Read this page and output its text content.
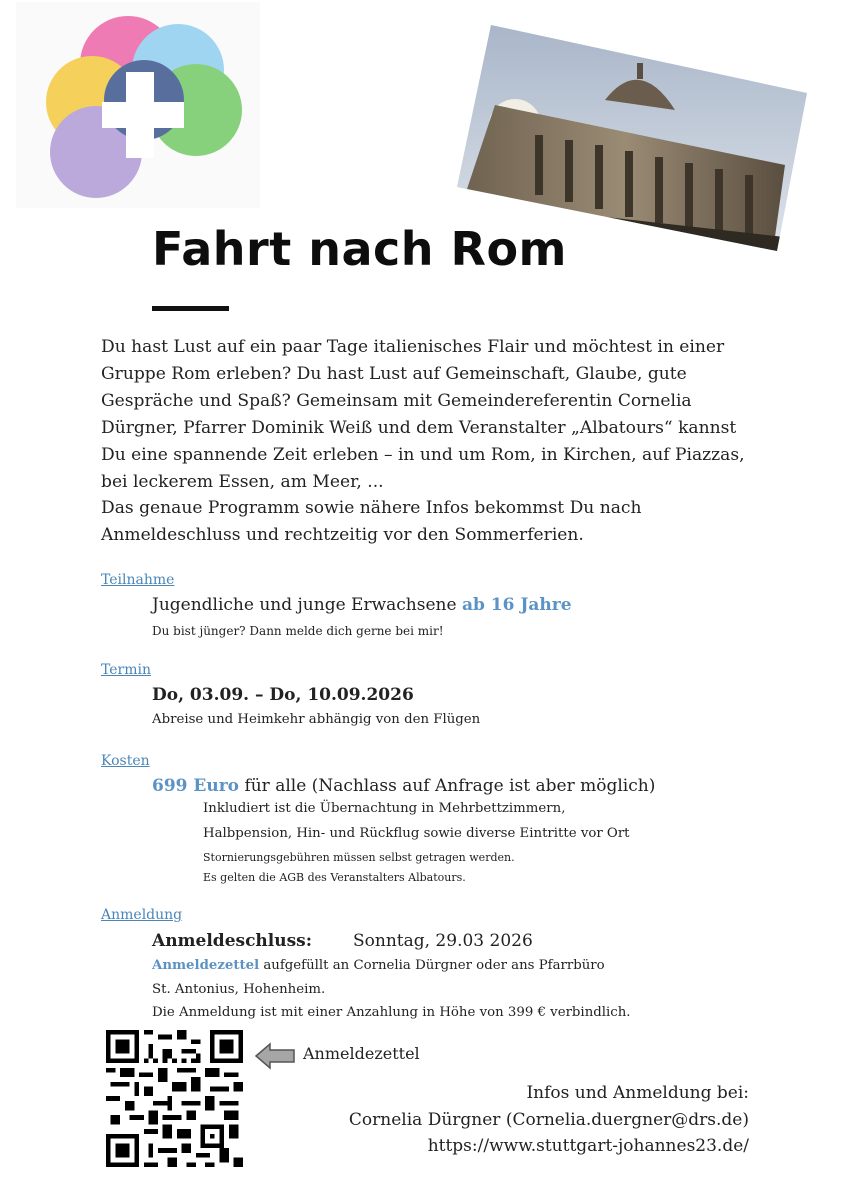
Fahrt nach Rom

Du hast Lust auf ein paar Tage italienisches Flair und möchtest in einer Gruppe Rom erleben? Du hast Lust auf Gemeinschaft, Glaube, gute Gespräche und Spaß? Gemeinsam mit Gemeindereferentin Cornelia Dürgner, Pfarrer Dominik Weiß und dem Veranstalter „Albatours“ kannst Du eine spannende Zeit erleben – in und um Rom, in Kirchen, auf Piazzas, bei leckerem Essen, am Meer, ...

Das genaue Programm sowie nähere Infos bekommst Du nach Anmeldeschluss und rechtzeitig vor den Sommerferien.

Teilnahme
Jugendliche und junge Erwachsene ab 16 Jahre
Du bist jünger? Dann melde dich gerne bei mir!
Termin
Do, 03.09. – Do, 10.09.2026
Abreise und Heimkehr abhängig von den Flügen
Kosten
699 Euro für alle (Nachlass auf Anfrage ist aber möglich)
Inkludiert ist die Übernachtung in Mehrbettzimmern,
Halbpension, Hin- und Rückflug sowie diverse Eintritte vor Ort
Stornierungsgebühren müssen selbst getragen werden.
Es gelten die AGB des Veranstalters Albatours.
Anmeldung
Anmeldeschluss: Sonntag, 29.03 2026
Anmeldezettel aufgefüllt an Cornelia Dürgner oder ans Pfarrbüro
St. Antonius, Hohenheim.
Die Anmeldung ist mit einer Anzahlung in Höhe von 399 € verbindlich.
Anmeldezettel
Infos und Anmeldung bei:
Cornelia Dürgner (Cornelia.duergner@drs.de)
https://www.stuttgart-johannes23.de/
